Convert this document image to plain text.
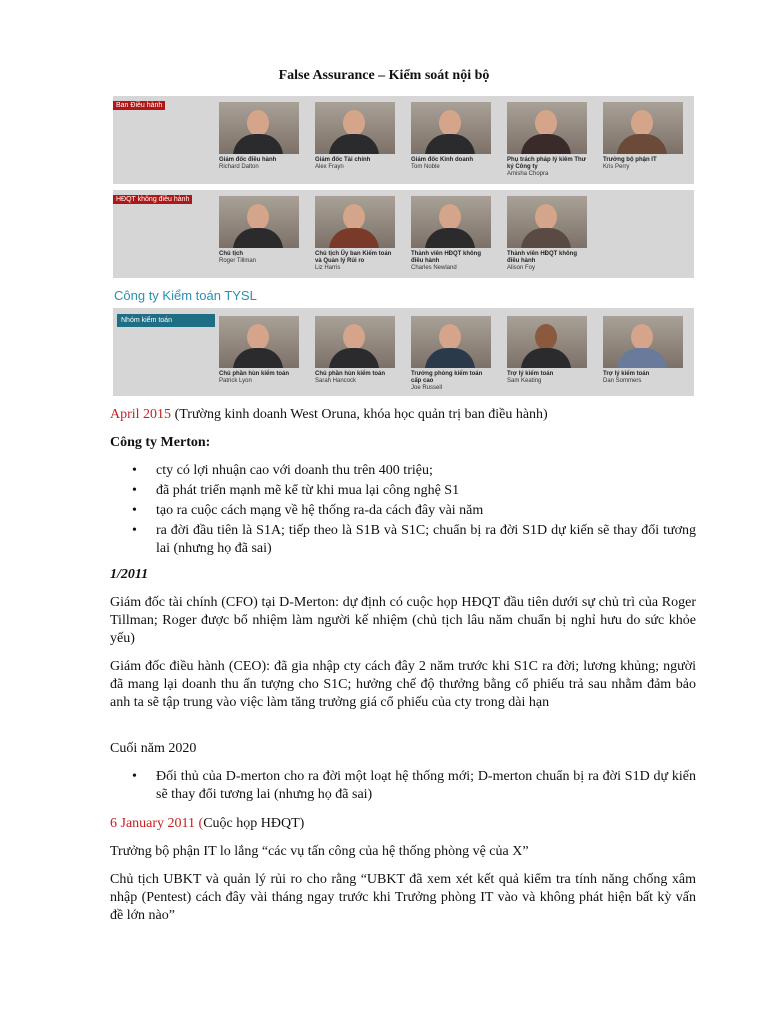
False Assurance – Kiểm soát nội bộ
Ban Điều hành
Giám đốc điều hành
Richard Dalton
Giám đốc Tài chính
Alex Frayn
Giám đốc Kinh doanh
Tom Noble
Phụ trách pháp lý kiêm Thư ký Công ty
Amisha Chopra
Trưởng bộ phận IT
Kris Perry
HĐQT không điều hành
Chủ tịch
Roger Tillman
Chủ tịch Ủy ban Kiểm toán và Quản lý Rủi ro
Liz Harris
Thành viên HĐQT không điều hành
Charles Newland
Thành viên HĐQT không điều hành
Alison Foy
Công ty Kiểm toán TYSL
Nhóm kiểm toán
Chủ phần hùn kiểm toán
Patrick Lyon
Chủ phần hùn kiểm toán
Sarah Hancock
Trưởng phòng kiểm toán cấp cao
Joe Russell
Trợ lý kiểm toán
Sam Keating
Trợ lý kiểm toán
Dan Sommers
April 2015 (Trường kinh doanh West Oruna, khóa học quản trị ban điều hành)
Công ty Merton:
• cty có lợi nhuận cao với doanh thu trên 400 triệu;
• đã phát triển mạnh mẽ kể từ khi mua lại công nghệ S1
• tạo ra cuộc cách mạng về hệ thống ra-da cách đây vài năm
• ra đời đầu tiên là S1A; tiếp theo là S1B và S1C; chuẩn bị ra đời S1D dự kiến sẽ thay đổi tương lai (nhưng họ đã sai)
1/2011
Giám đốc tài chính (CFO) tại D-Merton: dự định có cuộc họp HĐQT đầu tiên dưới sự chủ trì của Roger Tillman; Roger được bổ nhiệm làm người kế nhiệm (chủ tịch lâu năm chuẩn bị nghỉ hưu do sức khỏe yếu)
Giám đốc điều hành (CEO): đã gia nhập cty cách đây 2 năm trước khi S1C ra đời; lương khủng; người đã mang lại doanh thu ấn tượng cho S1C; hưởng chế độ thưởng bằng cổ phiếu trả sau nhằm đảm bảo anh ta sẽ tập trung vào việc làm tăng trưởng giá cổ phiếu của cty trong dài hạn
Cuối năm 2020
• Đối thủ của D-merton cho ra đời một loạt hệ thống mới; D-merton chuẩn bị ra đời S1D dự kiến sẽ thay đổi tương lai (nhưng họ đã sai)
6 January 2011 (Cuộc họp HĐQT)
Trưởng bộ phận IT lo lắng “các vụ tấn công của hệ thống phòng vệ của X”
Chủ tịch UBKT và quản lý rủi ro cho rằng “UBKT đã xem xét kết quả kiểm tra tính năng chống xâm nhập (Pentest) cách đây vài tháng ngay trước khi Trưởng phòng IT vào và không phát hiện bất kỳ vấn đề lớn nào”
